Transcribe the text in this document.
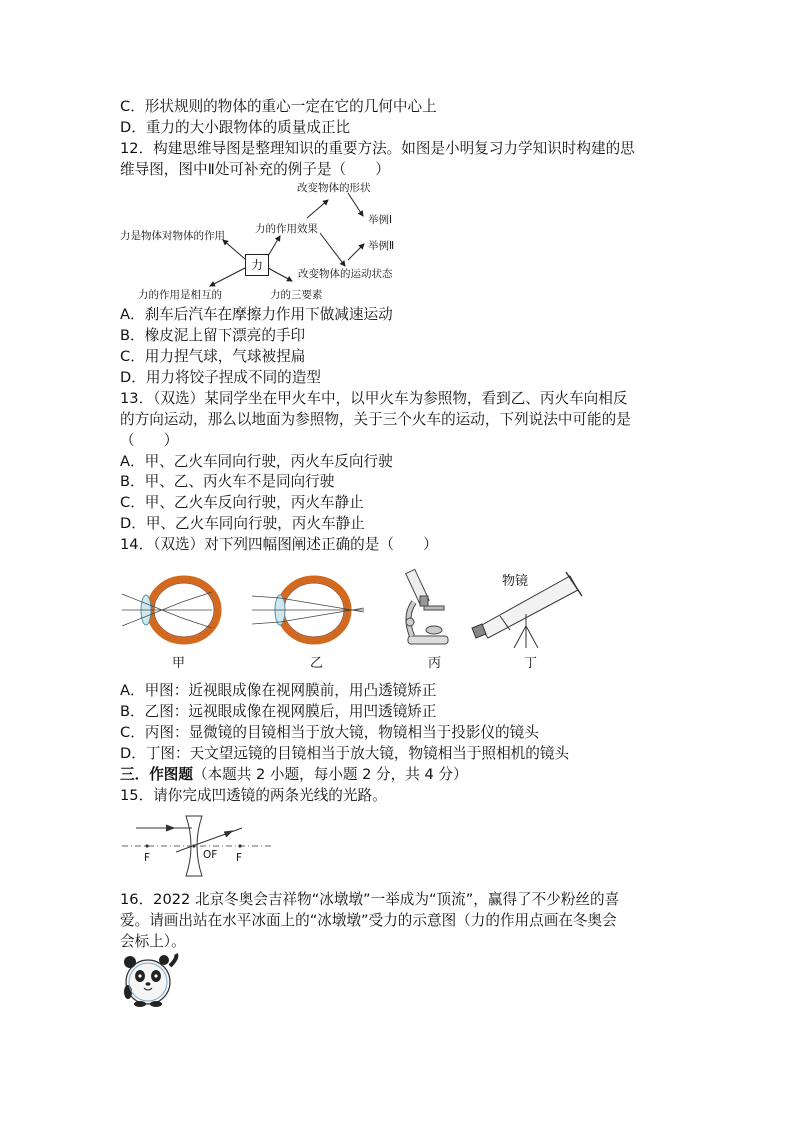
C．形状规则的物体的重心一定在它的几何中心上
D．重力的大小跟物体的质量成正比
12．构建思维导图是整理知识的重要方法。如图是小明复习力学知识时构建的思
维导图，图中Ⅱ处可补充的例子是（　　）
改变物体的形状
举例Ⅰ
力的作用效果
力是物体对物体的作用
举例Ⅱ
力
改变物体的运动状态
力的作用是相互的	力的三要素
A．刹车后汽车在摩擦力作用下做减速运动
B．橡皮泥上留下漂亮的手印
C．用力捏气球，气球被捏扁
D．用力将饺子捏成不同的造型
13．（双选）某同学坐在甲火车中，以甲火车为参照物，看到乙、丙火车向相反
的方向运动，那么以地面为参照物，关于三个火车的运动，下列说法中可能的是
（　　）
A．甲、乙火车同向行驶，丙火车反向行驶
B．甲、乙、丙火车不是同向行驶
C．甲、乙火车反向行驶，丙火车静止
D．甲、乙火车同向行驶，丙火车静止
14．（双选）对下列四幅图阐述正确的是（　　）
甲	乙	丙
物镜
丁
A．甲图：近视眼成像在视网膜前，用凸透镜矫正
B．乙图：远视眼成像在视网膜后，用凹透镜矫正
C．丙图：显微镜的目镜相当于放大镜，物镜相当于投影仪的镜头
D．丁图：天文望远镜的目镜相当于放大镜，物镜相当于照相机的镜头
三．作图题（本题共 2 小题，每小题 2 分，共 4 分）
15．请你完成凹透镜的两条光线的光路。
F	OF F
16．2022 北京冬奥会吉祥物“冰墩墩”一举成为“顶流”，赢得了不少粉丝的喜
爱。请画出站在水平冰面上的“冰墩墩”受力的示意图（力的作用点画在冬奥会
会标上）。
